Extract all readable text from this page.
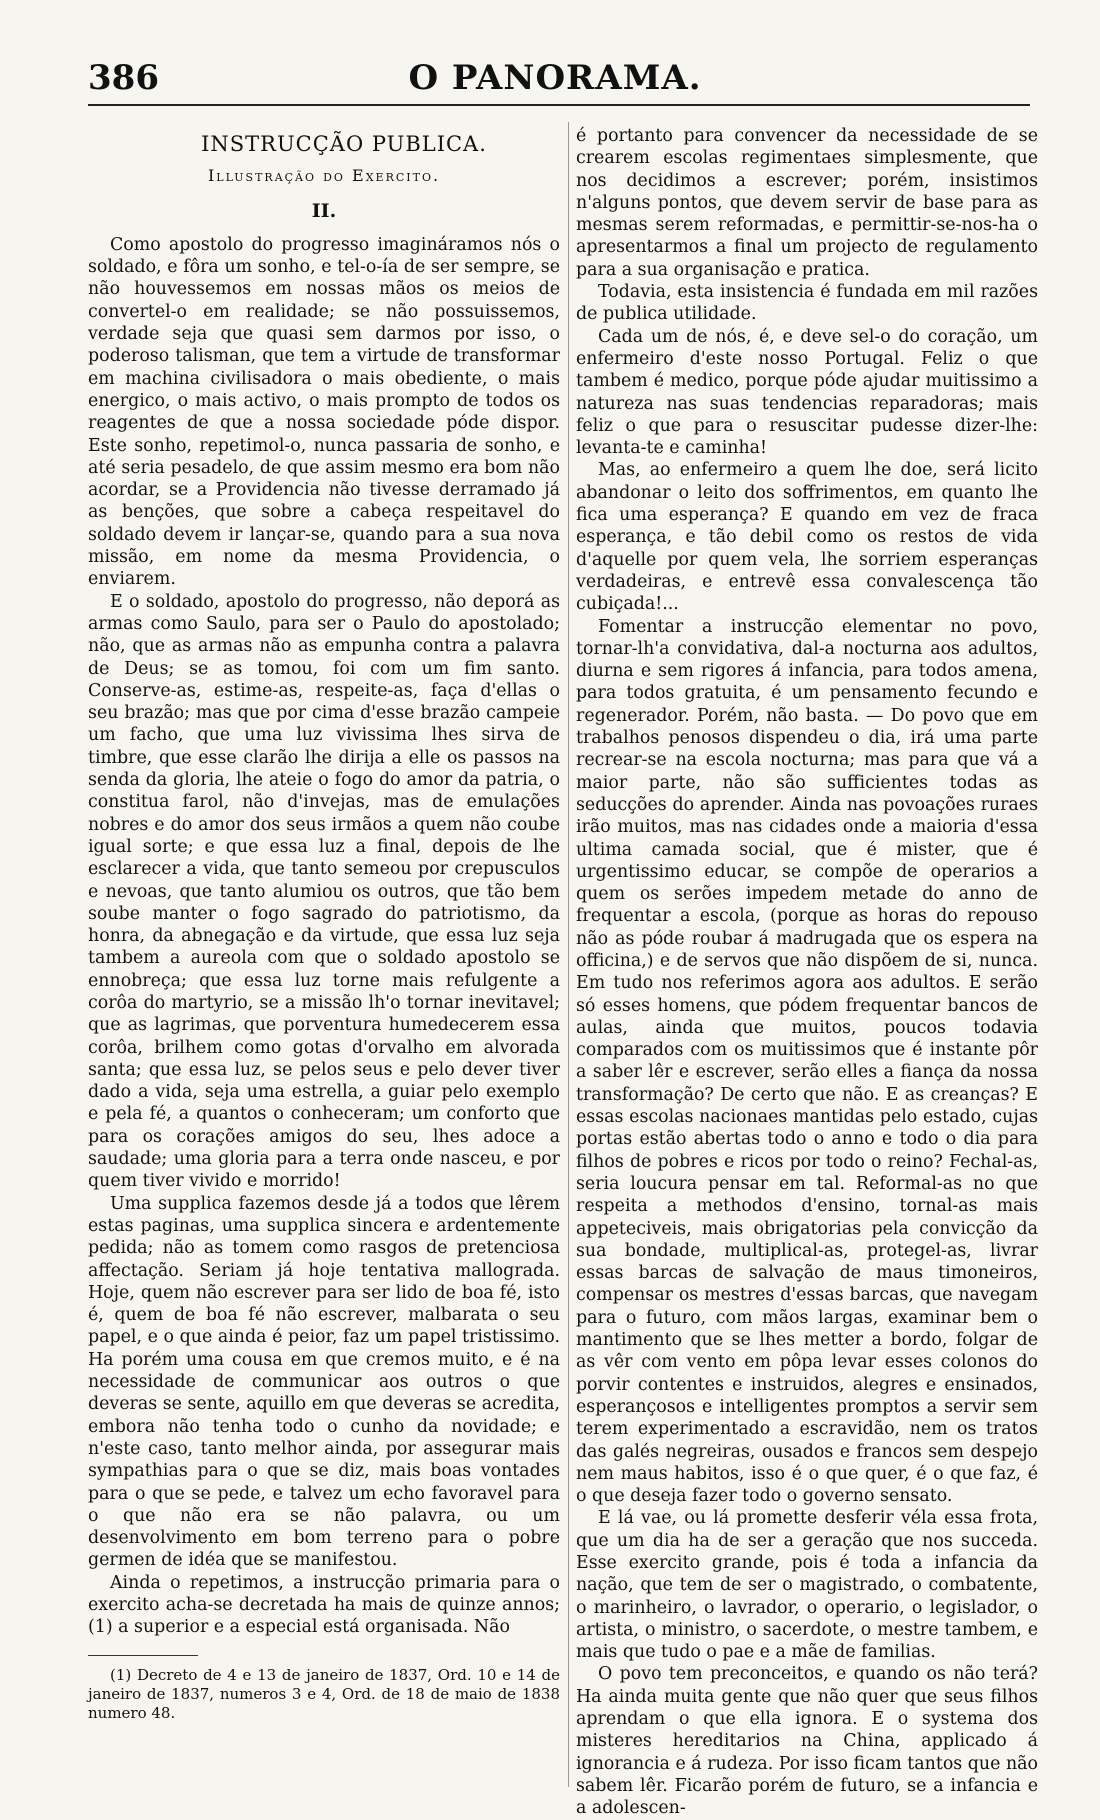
386	O PANORAMA.
INSTRUCÇÃO PUBLICA.
Illustração do Exercito.
II.

Como apostolo do progresso imagináramos nós o soldado, e fôra um sonho, e tel-o-ía de ser sempre, se não houvessemos em nossas mãos os meios de convertel-o em realidade; se não possuissemos, verdade seja que quasi sem darmos por isso, o poderoso talisman, que tem a virtude de transformar em machina civilisadora o mais obediente, o mais energico, o mais activo, o mais prompto de todos os reagentes de que a nossa sociedade póde dispor. Este sonho, repetimol-o, nunca passaria de sonho, e até seria pesadelo, de que assim mesmo era bom não acordar, se a Providencia não tivesse derramado já as benções, que sobre a cabeça respeitavel do soldado devem ir lançar-se, quando para a sua nova missão, em nome da mesma Providencia, o enviarem.

E o soldado, apostolo do progresso, não deporá as armas como Saulo, para ser o Paulo do apostolado; não, que as armas não as empunha contra a palavra de Deus; se as tomou, foi com um fim santo. Conserve-as, estime-as, respeite-as, faça d'ellas o seu brazão; mas que por cima d'esse brazão campeie um facho, que uma luz vivissima lhes sirva de timbre, que esse clarão lhe dirija a elle os passos na senda da gloria, lhe ateie o fogo do amor da patria, o constitua farol, não d'invejas, mas de emulações nobres e do amor dos seus irmãos a quem não coube igual sorte; e que essa luz a final, depois de lhe esclarecer a vida, que tanto semeou por crepusculos e nevoas, que tanto alumiou os outros, que tão bem soube manter o fogo sagrado do patriotismo, da honra, da abnegação e da virtude, que essa luz seja tambem a aureola com que o soldado apostolo se ennobreça; que essa luz torne mais refulgente a corôa do martyrio, se a missão lh'o tornar inevitavel; que as lagrimas, que porventura humedecerem essa corôa, brilhem como gotas d'orvalho em alvorada santa; que essa luz, se pelos seus e pelo dever tiver dado a vida, seja uma estrella, a guiar pelo exemplo e pela fé, a quantos o conheceram; um conforto que para os corações amigos do seu, lhes adoce a saudade; uma gloria para a terra onde nasceu, e por quem tiver vivido e morrido!

Uma supplica fazemos desde já a todos que lêrem estas paginas, uma supplica sincera e ardentemente pedida; não as tomem como rasgos de pretenciosa affectação. Seriam já hoje tentativa mallograda. Hoje, quem não escrever para ser lido de boa fé, isto é, quem de boa fé não escrever, malbarata o seu papel, e o que ainda é peior, faz um papel tristissimo. Ha porém uma cousa em que cremos muito, e é na necessidade de communicar aos outros o que deveras se sente, aquillo em que deveras se acredita, embora não tenha todo o cunho da novidade; e n'este caso, tanto melhor ainda, por assegurar mais sympathias para o que se diz, mais boas vontades para o que se pede, e talvez um echo favoravel para o que não era se não palavra, ou um desenvolvimento em bom terreno para o pobre germen de idéa que se manifestou.

Ainda o repetimos, a instrucção primaria para o exercito acha-se decretada ha mais de quinze annos; (1) a superior e a especial está organisada. Não

(1) Decreto de 4 e 13 de janeiro de 1837, Ord. 10 e 14 de janeiro de 1837, numeros 3 e 4, Ord. de 18 de maio de 1838 numero 48.

é portanto para convencer da necessidade de se crearem escolas regimentaes simplesmente, que nos decidimos a escrever; porém, insistimos n'alguns pontos, que devem servir de base para as mesmas serem reformadas, e permittir-se-nos-ha o apresentarmos a final um projecto de regulamento para a sua organisação e pratica.

Todavia, esta insistencia é fundada em mil razões de publica utilidade.

Cada um de nós, é, e deve sel-o do coração, um enfermeiro d'este nosso Portugal. Feliz o que tambem é medico, porque póde ajudar muitissimo a natureza nas suas tendencias reparadoras; mais feliz o que para o resuscitar pudesse dizer-lhe: levanta-te e caminha!

Mas, ao enfermeiro a quem lhe doe, será licito abandonar o leito dos soffrimentos, em quanto lhe fica uma esperança? E quando em vez de fraca esperança, e tão debil como os restos de vida d'aquelle por quem vela, lhe sorriem esperanças verdadeiras, e entrevê essa convalescença tão cubiçada!...

Fomentar a instrucção elementar no povo, tornar-lh'a convidativa, dal-a nocturna aos adultos, diurna e sem rigores á infancia, para todos amena, para todos gratuita, é um pensamento fecundo e regenerador. Porém, não basta. — Do povo que em trabalhos penosos dispendeu o dia, irá uma parte recrear-se na escola nocturna; mas para que vá a maior parte, não são sufficientes todas as seducções do aprender. Ainda nas povoações ruraes irão muitos, mas nas cidades onde a maioria d'essa ultima camada social, que é mister, que é urgentissimo educar, se compõe de operarios a quem os serões impedem metade do anno de frequentar a escola, (porque as horas do repouso não as póde roubar á madrugada que os espera na officina,) e de servos que não dispõem de si, nunca. Em tudo nos referimos agora aos adultos. E serão só esses homens, que pódem frequentar bancos de aulas, ainda que muitos, poucos todavia comparados com os muitissimos que é instante pôr a saber lêr e escrever, serão elles a fiança da nossa transformação? De certo que não. E as creanças? E essas escolas nacionaes mantidas pelo estado, cujas portas estão abertas todo o anno e todo o dia para filhos de pobres e ricos por todo o reino? Fechal-as, seria loucura pensar em tal. Reformal-as no que respeita a methodos d'ensino, tornal-as mais appeteciveis, mais obrigatorias pela convicção da sua bondade, multiplical-as, protegel-as, livrar essas barcas de salvação de maus timoneiros, compensar os mestres d'essas barcas, que navegam para o futuro, com mãos largas, examinar bem o mantimento que se lhes metter a bordo, folgar de as vêr com vento em pôpa levar esses colonos do porvir contentes e instruidos, alegres e ensinados, esperançosos e intelligentes promptos a servir sem terem experimentado a escravidão, nem os tratos das galés negreiras, ousados e francos sem despejo nem maus habitos, isso é o que quer, é o que faz, é o que deseja fazer todo o governo sensato.

E lá vae, ou lá promette desferir véla essa frota, que um dia ha de ser a geração que nos succeda. Esse exercito grande, pois é toda a infancia da nação, que tem de ser o magistrado, o combatente, o marinheiro, o lavrador, o operario, o legislador, o artista, o ministro, o sacerdote, o mestre tambem, e mais que tudo o pae e a mãe de familias.

O povo tem preconceitos, e quando os não terá? Ha ainda muita gente que não quer que seus filhos aprendam o que ella ignora. E o systema dos misteres hereditarios na China, applicado á ignorancia e á rudeza. Por isso ficam tantos que não sabem lêr. Ficarão porém de futuro, se a infancia e a adolescen-
